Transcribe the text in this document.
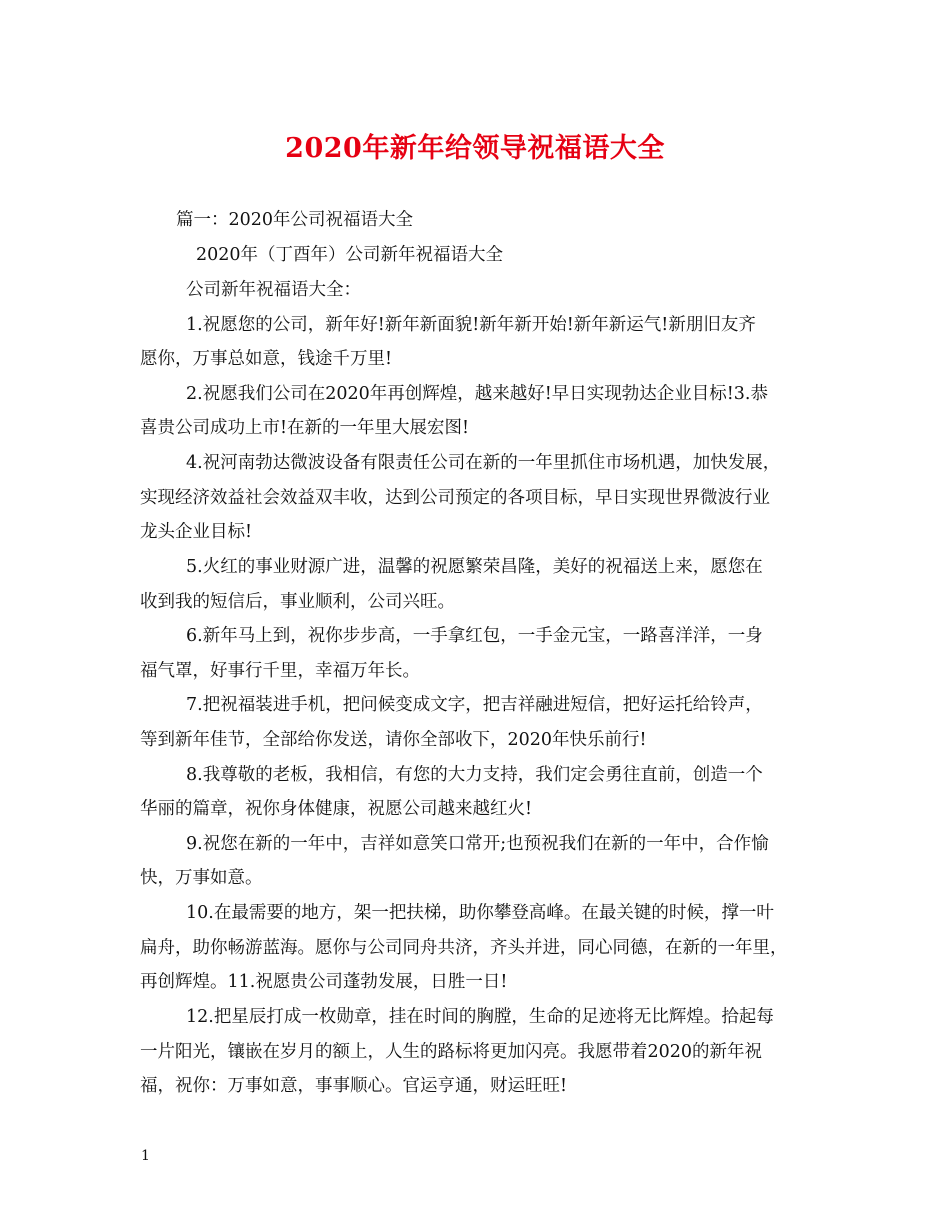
2020年新年给领导祝福语大全
篇一：2020年公司祝福语大全
2020年（丁酉年）公司新年祝福语大全
公司新年祝福语大全：
1.祝愿您的公司，新年好!新年新面貌!新年新开始!新年新运气!新朋旧友齐
愿你，万事总如意，钱途千万里!
2.祝愿我们公司在2020年再创辉煌，越来越好!早日实现勃达企业目标!3.恭
喜贵公司成功上市!在新的一年里大展宏图!
4.祝河南勃达微波设备有限责任公司在新的一年里抓住市场机遇，加快发展，
实现经济效益社会效益双丰收，达到公司预定的各项目标，早日实现世界微波行业
龙头企业目标!
5.火红的事业财源广进，温馨的祝愿繁荣昌隆，美好的祝福送上来，愿您在
收到我的短信后，事业顺利，公司兴旺。
6.新年马上到，祝你步步高，一手拿红包，一手金元宝，一路喜洋洋，一身
福气罩，好事行千里，幸福万年长。
7.把祝福装进手机，把问候变成文字，把吉祥融进短信，把好运托给铃声，
等到新年佳节，全部给你发送，请你全部收下，2020年快乐前行!
8.我尊敬的老板，我相信，有您的大力支持，我们定会勇往直前，创造一个
华丽的篇章，祝你身体健康，祝愿公司越来越红火!
9.祝您在新的一年中，吉祥如意笑口常开;也预祝我们在新的一年中，合作愉
快，万事如意。
10.在最需要的地方，架一把扶梯，助你攀登高峰。在最关键的时候，撑一叶
扁舟，助你畅游蓝海。愿你与公司同舟共济，齐头并进，同心同德，在新的一年里，
再创辉煌。11.祝愿贵公司蓬勃发展，日胜一日!
12.把星辰打成一枚勋章，挂在时间的胸膛，生命的足迹将无比辉煌。拾起每
一片阳光，镶嵌在岁月的额上，人生的路标将更加闪亮。我愿带着2020的新年祝
福，祝你：万事如意，事事顺心。官运亨通，财运旺旺!
1
